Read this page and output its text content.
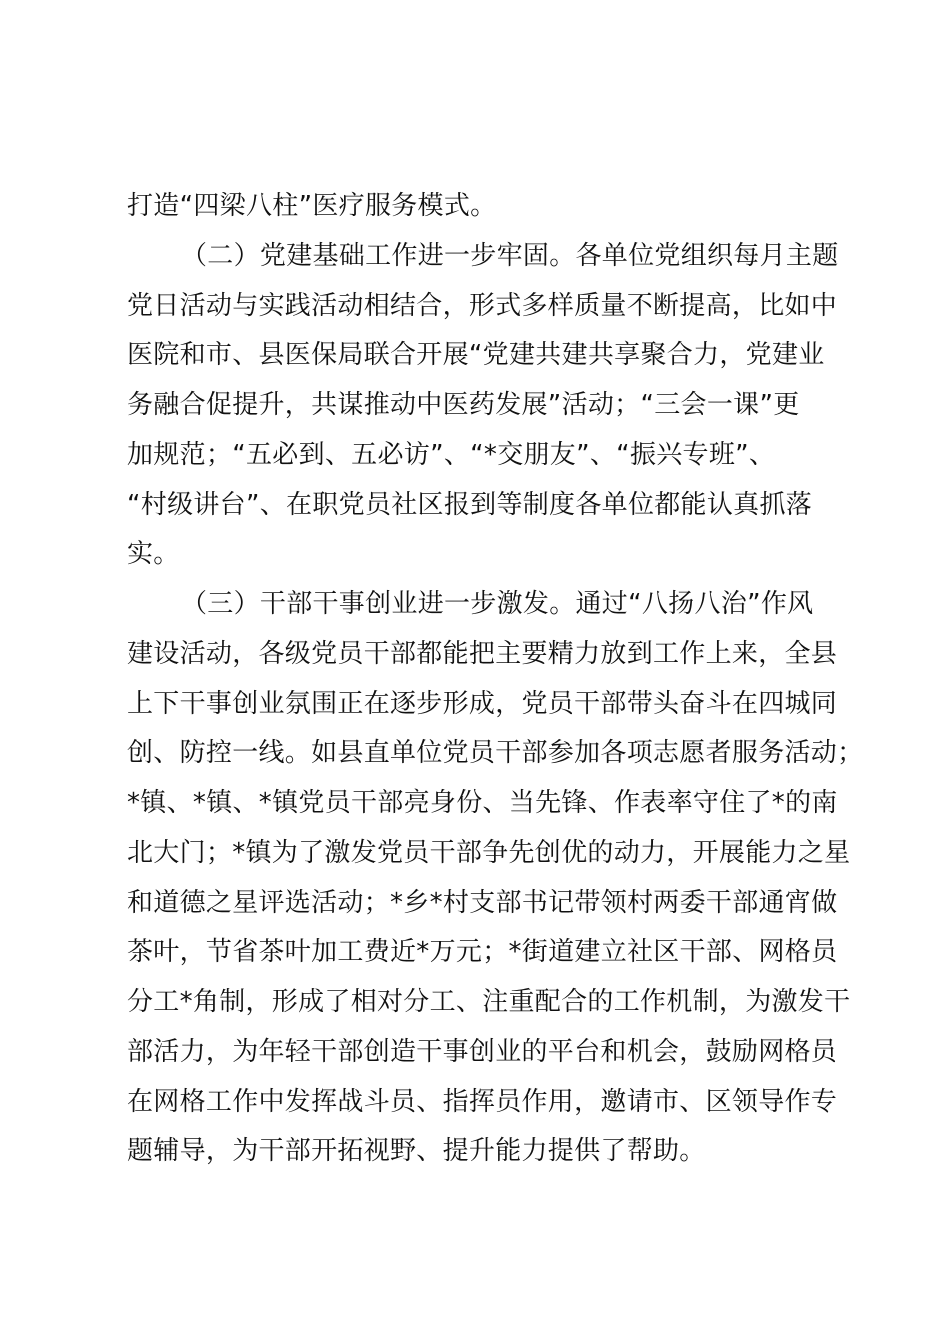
打造“四梁八柱”医疗服务模式。
（二）党建基础工作进一步牢固。各单位党组织每月主题
党日活动与实践活动相结合，形式多样质量不断提高，比如中
医院和市、县医保局联合开展“党建共建共享聚合力，党建业
务融合促提升，共谋推动中医药发展”活动；“三会一课”更
加规范；“五必到、五必访”、“*交朋友”、“振兴专班”、
“村级讲台”、在职党员社区报到等制度各单位都能认真抓落
实。
（三）干部干事创业进一步激发。通过“八扬八治”作风
建设活动，各级党员干部都能把主要精力放到工作上来，全县
上下干事创业氛围正在逐步形成，党员干部带头奋斗在四城同
创、防控一线。如县直单位党员干部参加各项志愿者服务活动；
*镇、*镇、*镇党员干部亮身份、当先锋、作表率守住了*的南
北大门；*镇为了激发党员干部争先创优的动力，开展能力之星
和道德之星评选活动；*乡*村支部书记带领村两委干部通宵做
茶叶，节省茶叶加工费近*万元；*街道建立社区干部、网格员
分工*角制，形成了相对分工、注重配合的工作机制，为激发干
部活力，为年轻干部创造干事创业的平台和机会，鼓励网格员
在网格工作中发挥战斗员、指挥员作用，邀请市、区领导作专
题辅导，为干部开拓视野、提升能力提供了帮助。
